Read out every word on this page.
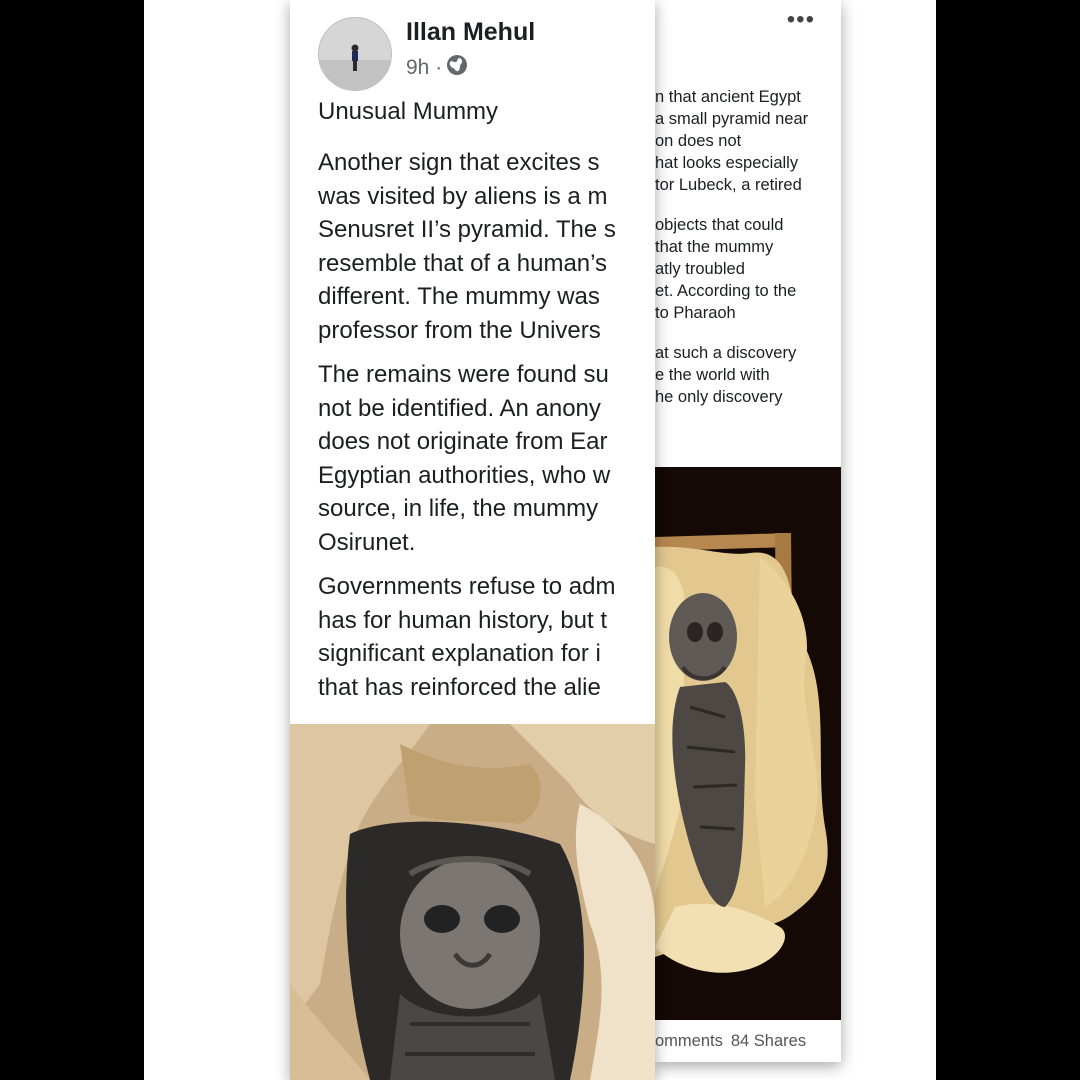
•••
n that ancient Egypt
a small pyramid near
on does not
hat looks especially
tor Lubeck, a retired
objects that could
that the mummy
atly troubled
et. According to the
to Pharaoh
at such a discovery
e the world with
he only discovery
omments 84 Shares
Illan Mehul
9h ·
Unusual Mummy
Another sign that excites s
was visited by aliens is a m
Senusret II’s pyramid. The s
resemble that of a human’s
different. The mummy was
professor from the Univers
The remains were found su
not be identified. An anony
does not originate from Ear
Egyptian authorities, who w
source, in life, the mummy
Osirunet.
Governments refuse to adm
has for human history, but t
significant explanation for i
that has reinforced the alie
